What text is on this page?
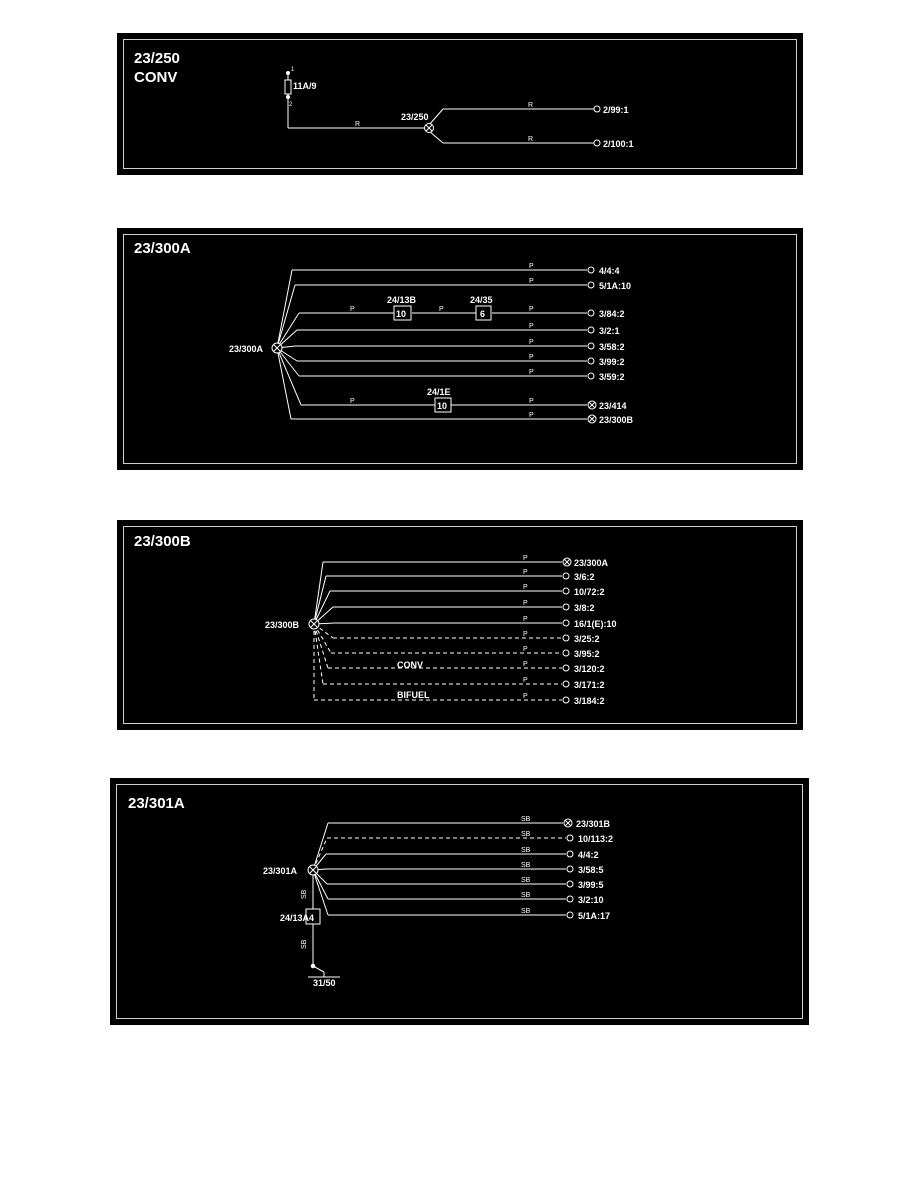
23/250
CONV	1
2
11A/9
23/250
R
R
R
2/99:1
2/100:1
23/300A
23/300A
24/13B
10
24/35
6
24/1E
10
P
P
P	P	P
P
P
P
P
P	P
P
4/4:4
5/1A:10
3/84:2
3/2:1
3/58:2
3/99:2
3/59:2
23/414
23/300B
23/300B
23/300B
CONV
BIFUEL
P
P
P
P
P
P
P
P
P
P
23/300A
3/6:2
10/72:2
3/8:2
16/1(E):10
3/25:2
3/95:2
3/120:2
3/171:2
3/184:2
23/301A
23/301A
24/13A 4
SB
SB
31/50
SB
SB
SB
SB
SB
SB
SB
23/301B
10/113:2
4/4:2
3/58:5
3/99:5
3/2:10
5/1A:17
